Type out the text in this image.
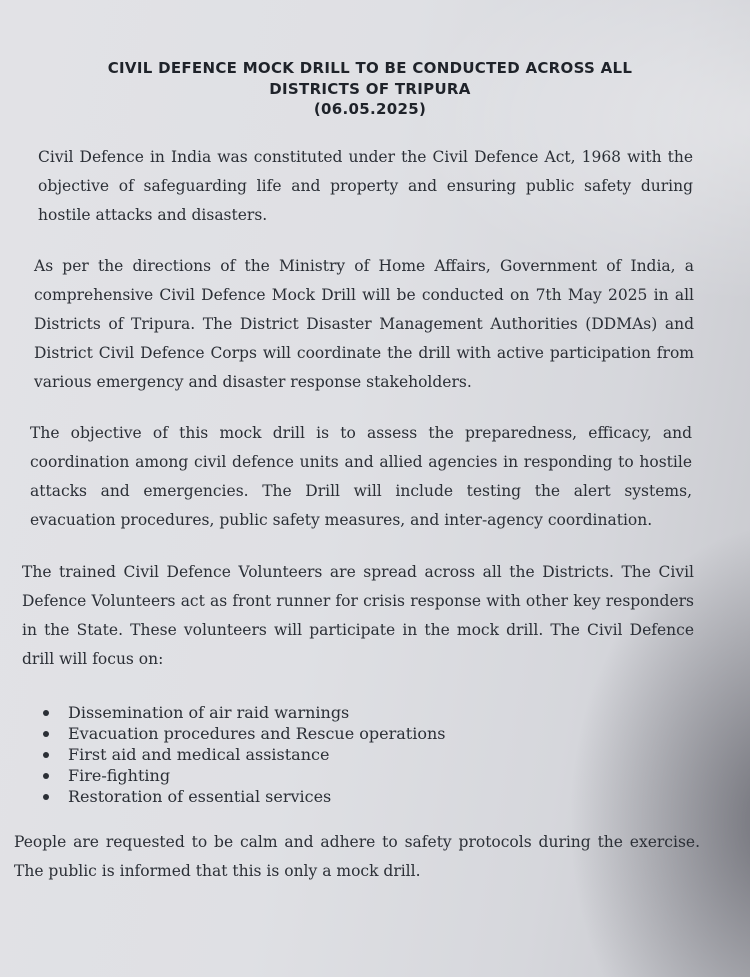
CIVIL DEFENCE MOCK DRILL TO BE CONDUCTED ACROSS ALL
DISTRICTS OF TRIPURA
(06.05.2025)

Civil Defence in India was constituted under the Civil Defence Act, 1968 with the objective of safeguarding life and property and ensuring public safety during hostile attacks and disasters.

As per the directions of the Ministry of Home Affairs, Government of India, a comprehensive Civil Defence Mock Drill will be conducted on 7th May 2025 in all Districts of Tripura. The District Disaster Management Authorities (DDMAs) and District Civil Defence Corps will coordinate the drill with active participation from various emergency and disaster response stakeholders.

The objective of this mock drill is to assess the preparedness, efficacy, and coordination among civil defence units and allied agencies in responding to hostile attacks and emergencies. The Drill will include testing the alert systems, evacuation procedures, public safety measures, and inter-agency coordination.

The trained Civil Defence Volunteers are spread across all the Districts. The Civil Defence Volunteers act as front runner for crisis response with other key responders in the State. These volunteers will participate in the mock drill. The Civil Defence drill will focus on:

Dissemination of air raid warnings
Evacuation procedures and Rescue operations
First aid and medical assistance
Fire-fighting
Restoration of essential services

People are requested to be calm and adhere to safety protocols during the exercise. The public is informed that this is only a mock drill.
